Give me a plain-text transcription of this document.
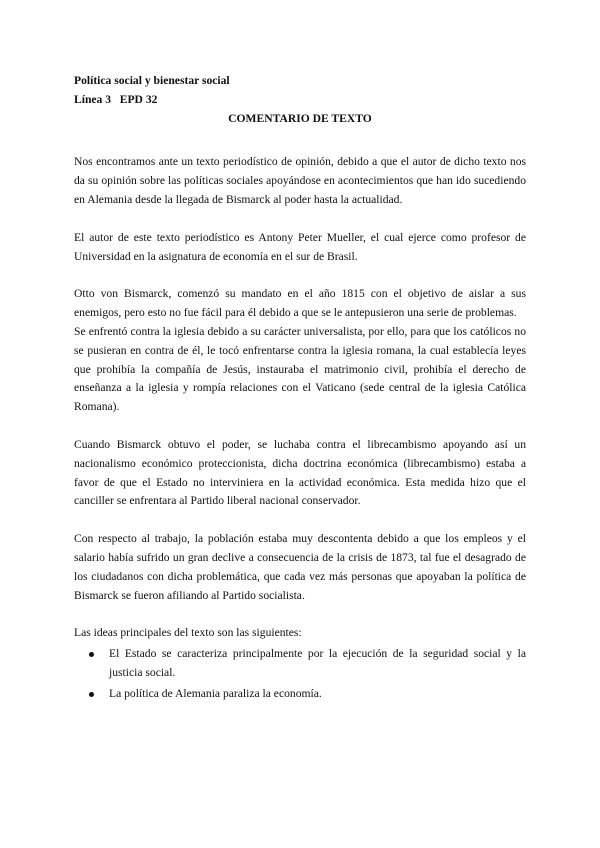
Política social y bienestar social

Línea 3   EPD 32

COMENTARIO DE TEXTO

Nos encontramos ante un texto periodístico de opinión, debido a que el autor de dicho texto nos da su opinión sobre las políticas sociales apoyándose en acontecimientos que han ido sucediendo en Alemania desde la llegada de Bismarck al poder hasta la actualidad.

El autor de este texto periodístico es Antony Peter Mueller, el cual ejerce como profesor de Universidad en la asignatura de economía en el sur de Brasil.

Otto von Bismarck, comenzó su mandato en el año 1815 con el objetivo de aislar a sus enemigos, pero esto no fue fácil para él debido a que se le antepusieron una serie de problemas.

Se enfrentó contra la iglesia debido a su carácter universalista, por ello, para que los católicos no se pusieran en contra de él, le tocó enfrentarse contra la iglesia romana, la cual establecía leyes que prohibía la compañía de Jesús, instauraba el matrimonio civil, prohibía el derecho de enseñanza a la iglesia y rompía relaciones con el Vaticano (sede central de la iglesia Católica Romana).

Cuando Bismarck obtuvo el poder, se luchaba contra el librecambismo apoyando así un nacionalismo económico proteccionista, dicha doctrina económica (librecambismo) estaba a favor de que el Estado no interviniera en la actividad económica. Esta medida hizo que el canciller se enfrentara al Partido liberal nacional conservador.

Con respecto al trabajo, la población estaba muy descontenta debido a que los empleos y el salario había sufrido un gran declive a consecuencia de la crisis de 1873, tal fue el desagrado de los ciudadanos con dicha problemática, que cada vez más personas que apoyaban la política de Bismarck se fueron afiliando al Partido socialista.

Las ideas principales del texto son las siguientes:

El Estado se caracteriza principalmente por la ejecución de la seguridad social y la justicia social.
La política de Alemania paraliza la economía.
